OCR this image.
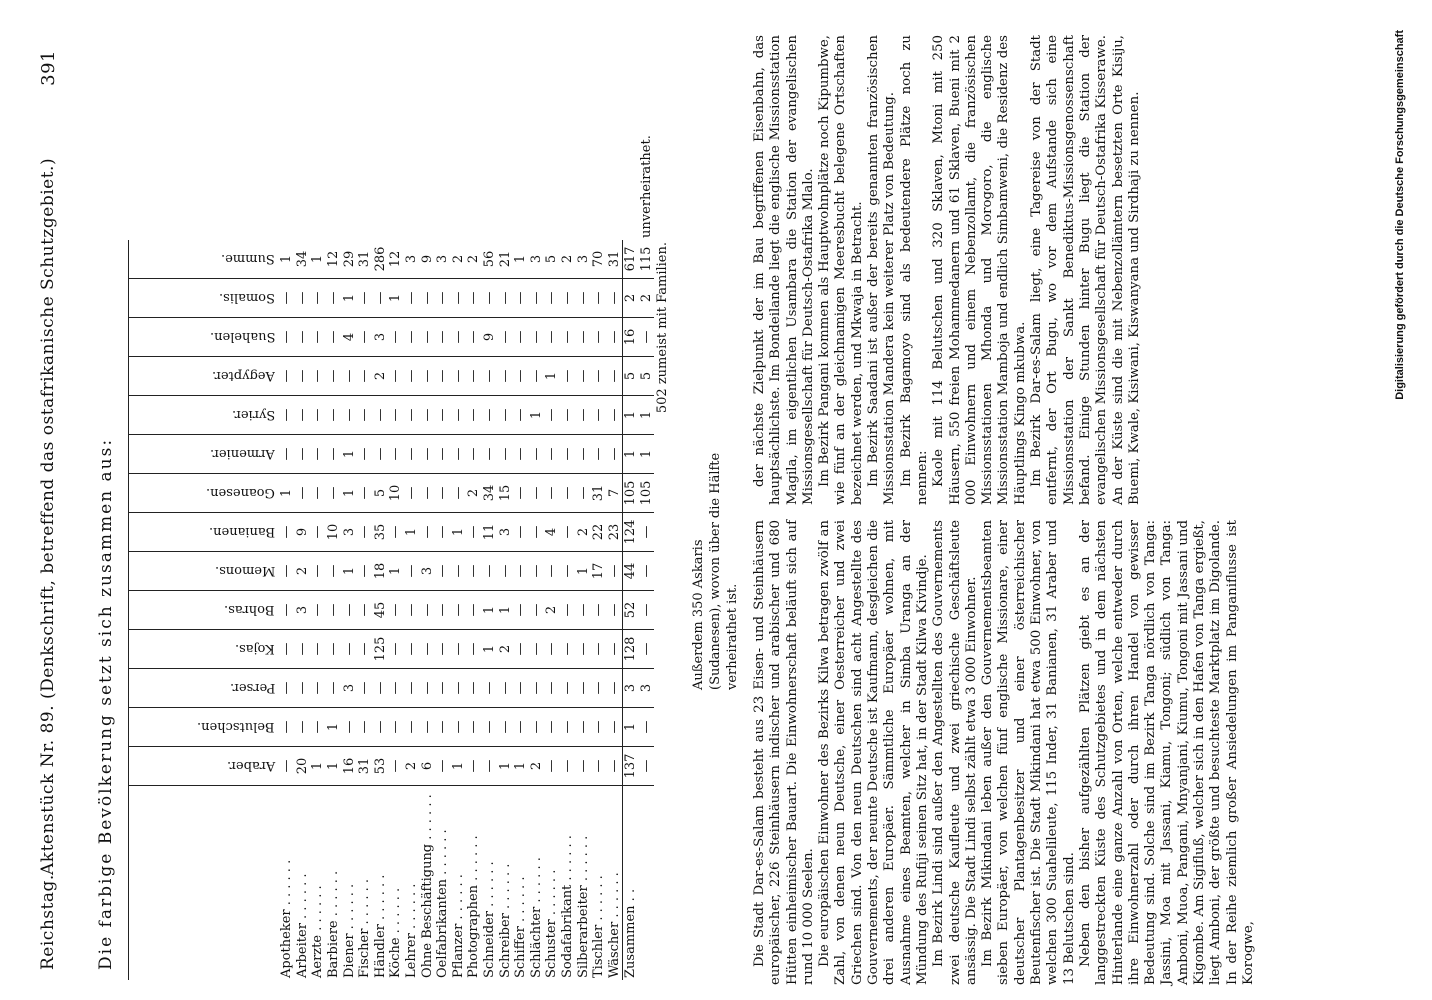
Reichstag.
Aktenstück Nr. 89. (Denkschrift, betreffend das ostafrikanische Schutzgebiet.)
391
Die farbige Bevölkerung setzt sich zusammen aus:

	Araber.	Belutschen.	Perser.	Kojas.	Bohras.	Memons.	Banianen.	Goanesen.	Armenier.	Syrier.	Aegypter.	Suahelen.	Somalis.	Summe.	

Apotheker . . . . . .	—	—	—	—	—	—	—	1	—	—	—	—	—	1	
Arbeiter . . . . . .	20	—	—	—	3	2	9	—	—	—	—	—	—	34	
Aerzte . . . . . .	1	—	—	—	—	—	—	—	—	—	—	—	—	1	
Barbiere . . . . . .	1	1	—	—	—	—	10	—	—	—	—	—	—	12	
Diener . . . . . .	16	—	3	—	—	1	3	1	1	—	—	4	1	29	
Fischer . . . . . .	31	—	—	—	—	—	—	—	—	—	—	—	—	31	
Händler . . . . . .	53	—	—	125	45	18	35	5	—	—	2	3	—	286	
Köche . . . . . .	—	—	—	—	—	1	—	10	—	—	—	—	1	12	
Lehrer . . . . . .	2	—	—	—	—	—	1	—	—	—	—	—	—	3	
Ohne Beschäftigung . . . . . .	6	—	—	—	—	3	—	—	—	—	—	—	—	9	
Oelfabrikanten . . . . . .	—	—	—	—	—	—	—	—	—	—	—	—	—	3	
Pflanzer . . . . . .	1	—	—	—	—	—	1	—	—	—	—	—	—	2	
Photographen . . . . . .	—	—	—	—	—	—	—	2	—	—	—	—	—	2	
Schneider . . . . . .	—	—	—	1	1	—	11	34	—	—	—	9	—	56	
Schreiber . . . . . .	1	—	—	2	1	—	3	15	—	—	—	—	—	21	
Schiffer . . . . . .	1	—	—	—	—	—	—	—	—	—	—	—	—	1	
Schlächter . . . . . .	2	—	—	—	—	—	—	—	—	1	—	—	—	3	
Schuster . . . . . .	—	—	—	—	2	—	4	—	—	—	1	—	—	5	
Sodafabrikant . . . . . .	—	—	—	—	—	—	—	—	—	—	—	—	—	2	
Silberarbeiter . . . . . .	—	—	—	—	—	1	2	—	—	—	—	—	—	3	
Tischler . . . . . .	—	—	—	—	—	17	22	31	—	—	—	—	—	70	
Wäscher . . . . . .	—	—	—	—	—	—	23	7	—	—	—	—	—	31	
Zusammen . .	137	1	3	128	52	44	124	105	1	1	5	16	2	617	
	—	—	3	—	—	—	—	105	1	1	5	—	2	115	unverheirathet.
502 zumeist mit Familien.															
Außerdem 350 Askaris (Sudanesen), wovon über die Hälfte verheirathet ist. Die Stadt Dar-es-Salam besteht aus 23 Eisen- und Steinhäusern europäischer, 226 Steinhäusern indischer und arabischer und 680 Hütten einheimischer Bauart. Die Einwohnerschaft beläuft sich auf rund 10 000 Seelen. Die europäischen Einwohner des Bezirks Kilwa betragen zwölf an Zahl, von denen neun Deutsche, einer Oesterreicher und zwei Griechen sind. Von den neun Deutschen sind acht Angestellte des Gouvernements, der neunte Deutsche ist Kaufmann, desgleichen die drei anderen Europäer. Sämmtliche Europäer wohnen, mit Ausnahme eines Beamten, welcher in Simba Uranga an der Mündung des Rufiji seinen Sitz hat, in der Stadt Kilwa Kivindje. Im Bezirk Lindi sind außer den Angestellten des Gouvernements zwei deutsche Kaufleute und zwei griechische Geschäftsleute ansässig. Die Stadt Lindi selbst zählt etwa 3 000 Einwohner. Im Bezirk Mikindani leben außer den Gouvernementsbeamten sieben Europäer, von welchen fünf englische Missionare, einer deutscher Plantagenbesitzer und einer österreichischer Beutenfischer ist. Die Stadt Mikindani hat etwa 500 Einwohner, von welchen 300 Suahelileute, 115 Inder, 31 Banianen, 31 Araber und 13 Belutschen sind. Neben den bisher aufgezählten Plätzen giebt es an der langgestreckten Küste des Schutzgebietes und in dem nächsten Hinterlande eine ganze Anzahl von Orten, welche entweder durch ihre Einwohnerzahl oder durch ihren Handel von gewisser Bedeutung sind. Solche sind im Bezirk Tanga nördlich von Tanga: Jassini, Moa mit Jassani, Kiamu, Tongoni; südlich von Tanga: Amboni, Muoa, Pangani, Mnyanjani, Kiumu, Tongoni mit Jassani und Kigombe. Am Sigifluß, welcher sich in den Hafen von Tanga ergießt, liegt Amboni, der größte und besuchteste Marktplatz im Digolande. In der Reihe ziemlich großer Ansiedelungen im Panganiflusse ist Korogwe,

der nächste Zielpunkt der im Bau begriffenen Eisenbahn, das hauptsächlichste. Im Bondeilande liegt die englische Missionsstation Magila, im eigentlichen Usambara die Station der evangelischen Missionsgesellschaft für Deutsch-Ostafrika Mlalo. Im Bezirk Pangani kommen als Hauptwohnplätze noch Kipumbwe, wie fünf an der gleichnamigen Meeresbucht belegene Ortschaften bezeichnet werden, und Mkwaja in Betracht. Im Bezirk Saadani ist außer der bereits genannten französischen Missionsstation Mandera kein weiterer Platz von Bedeutung. Im Bezirk Bagamoyo sind als bedeutendere Plätze noch zu nennen: Kaole mit 114 Belutschen und 320 Sklaven, Mtoni mit 250 Häusern, 550 freien Mohammedanern und 61 Sklaven, Bueni mit 2 000 Einwohnern und einem Nebenzollamt, die französischen Missionsstationen Mhonda und Morogoro, die englische Missionsstation Mamboja und endlich Simbamweni, die Residenz des Häuptlings Kingo mkubwa. Im Bezirk Dar-es-Salam liegt, eine Tagereise von der Stadt entfernt, der Ort Bugu, wo vor dem Aufstande sich eine Missionsstation der Sankt Benediktus-Missionsgenossenschaft befand. Einige Stunden hinter Bugu liegt die Station der evangelischen Missionsgesellschaft für Deutsch-Ostafrika Kisserawe. An der Küste sind die mit Nebenzollämtern besetzten Orte Kisiju, Buemi, Kwale, Kisiwani, Kiswanyana und Sirdhaji zu nennen.	Digitalisierung gefördert durch die Deutsche Forschungsgemeinschaft
